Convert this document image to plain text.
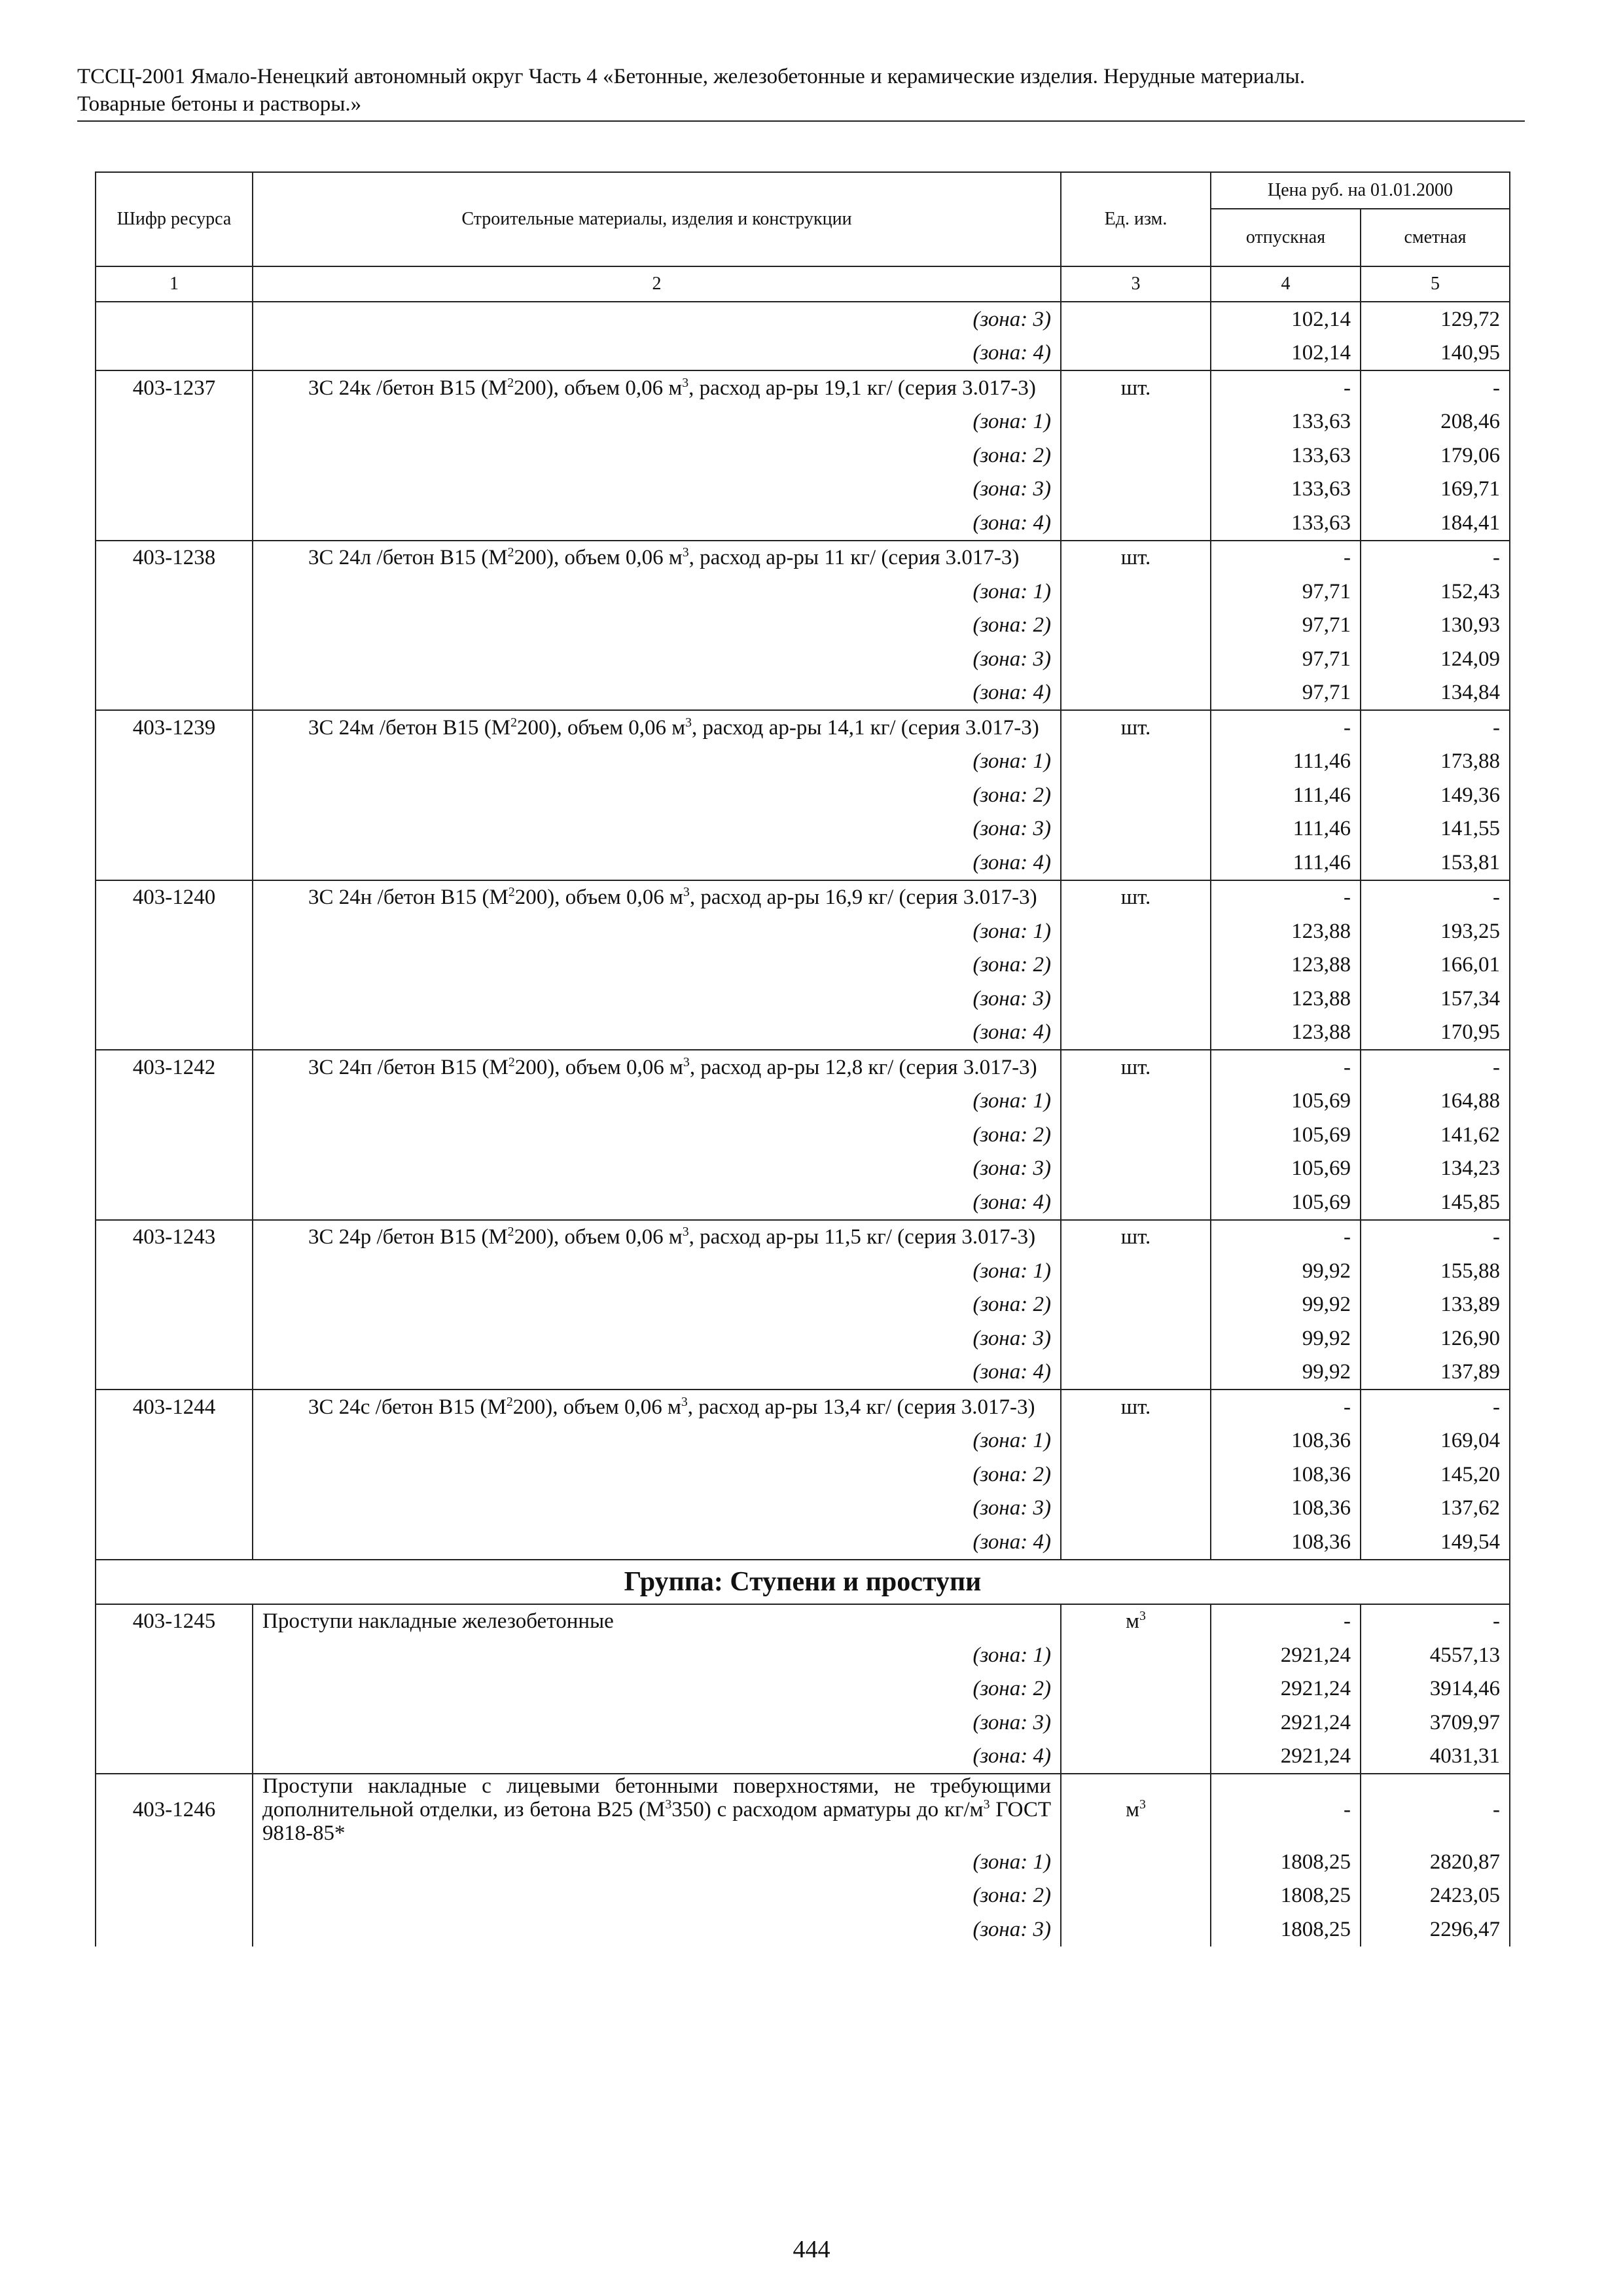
ТССЦ-2001 Ямало-Ненецкий автономный округ Часть 4 «Бетонные, железобетонные и керамические изделия. Нерудные материалы.
Товарные бетоны и растворы.»
Шифр ресурса	Строительные материалы, изделия и конструкции	Ед. изм.	Цена руб. на 01.01.2000	
			отпускная	сметная
1	2	3	4	5
	(зона: 3)		102,14	129,72
	(зона: 4)		102,14	140,95
403-1237	3С 24к /бетон В15 $(М^2200)$, объем 0,06 $м^3$, расход ар-ры 19,1 кг/ (серия 3.017-3)	шт.	-	-
	(зона: 1)		133,63	208,46
	(зона: 2)		133,63	179,06
	(зона: 3)		133,63	169,71
	(зона: 4)		133,63	184,41
403-1238	3С 24л /бетон В15 $(М^2200)$, объем 0,06 $м^3$, расход ар-ры 11 кг/ (серия 3.017-3)	шт.	-	-
	(зона: 1)		97,71	152,43
	(зона: 2)		97,71	130,93
	(зона: 3)		97,71	124,09
	(зона: 4)		97,71	134,84
403-1239	3С 24м /бетон В15 $(М^2200)$, объем 0,06 $м^3$, расход ар-ры 14,1 кг/ (серия 3.017-3)	шт.	-	-
	(зона: 1)		111,46	173,88
	(зона: 2)		111,46	149,36
	(зона: 3)		111,46	141,55
	(зона: 4)		111,46	153,81
403-1240	3С 24н /бетон В15 $(М^2200)$, объем 0,06 $м^3$, расход ар-ры 16,9 кг/ (серия 3.017-3)	шт.	-	-
	(зона: 1)		123,88	193,25
	(зона: 2)		123,88	166,01
	(зона: 3)		123,88	157,34
	(зона: 4)		123,88	170,95
403-1242	3С 24п /бетон В15 $(М^2200)$, объем 0,06 $м^3$, расход ар-ры 12,8 кг/ (серия 3.017-3)	шт.	-	-
	(зона: 1)		105,69	164,88
	(зона: 2)		105,69	141,62
	(зона: 3)		105,69	134,23
	(зона: 4)		105,69	145,85
403-1243	3С 24р /бетон В15 $(М^2200)$, объем 0,06 $м^3$, расход ар-ры 11,5 кг/ (серия 3.017-3)	шт.	-	-
	(зона: 1)		99,92	155,88
	(зона: 2)		99,92	133,89
	(зона: 3)		99,92	126,90
	(зона: 4)		99,92	137,89
403-1244	3С 24с /бетон В15 $(М^2200)$, объем 0,06 $м^3$, расход ар-ры 13,4 кг/ (серия 3.017-3)	шт.	-	-
	(зона: 1)		108,36	169,04
	(зона: 2)		108,36	145,20
	(зона: 3)		108,36	137,62
	(зона: 4)		108,36	149,54
Группа: Ступени и проступи				
403-1245	Проступи накладные железобетонные	$м^3$	-	-
	(зона: 1)		2921,24	4557,13
	(зона: 2)		2921,24	3914,46
	(зона: 3)		2921,24	3709,97
	(зона: 4)		2921,24	4031,31
403-1246	Проступи накладные с лицевыми бетонными поверхностями, не требующими дополнительной отделки, из бетона В25 $(М^3350)$ с расходом арматуры до $кг/м^3$ ГОСТ 9818-85*	$м^3$	-	-
	(зона: 1)		1808,25	2820,87
	(зона: 2)		1808,25	2423,05
	(зона: 3)		1808,25	2296,47
444
